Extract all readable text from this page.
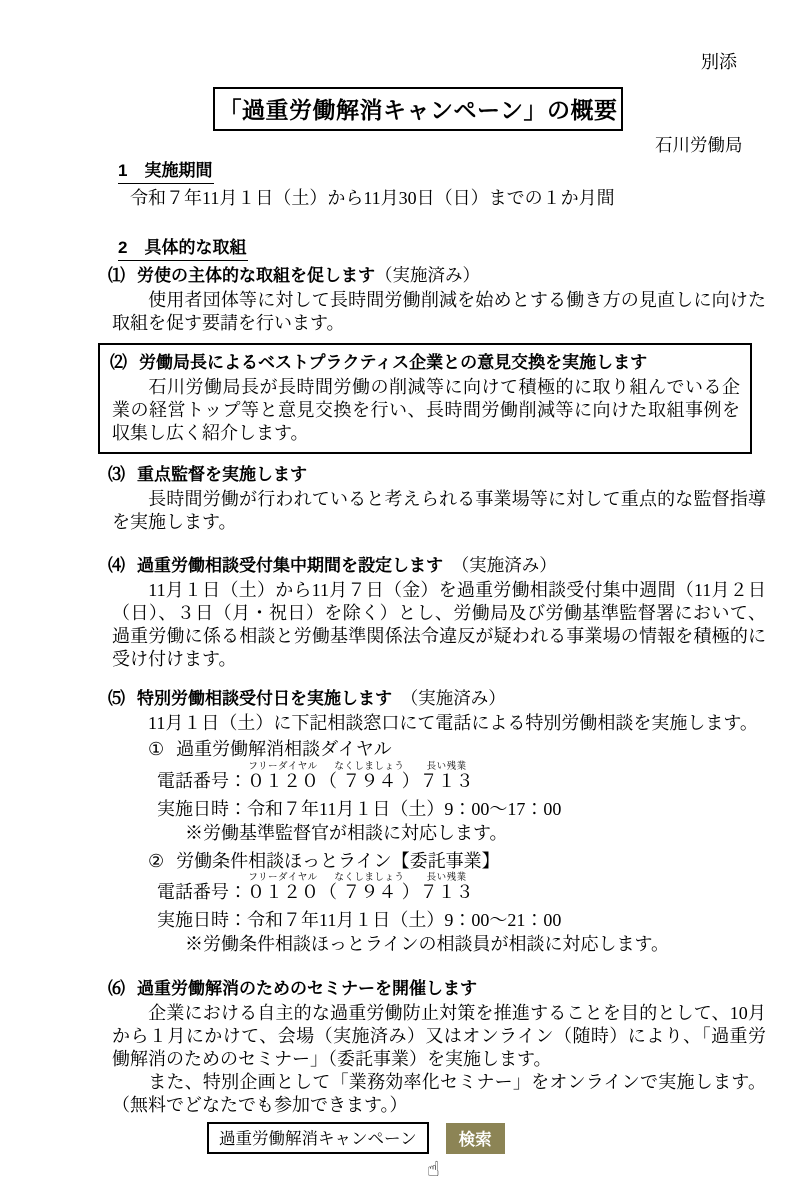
別添
「過重労働解消キャンペーン」の概要
石川労働局
1　実施期間

令和７年11月１日（土）から11月30日（日）までの１か月間

2　具体的な取組
⑴ 労使の主体的な取組を促します（実施済み）

　使用者団体等に対して長時間労働削減を始めとする働き方の見直しに向けた取組を促す要請を行います。

⑵ 労働局長によるベストプラクティス企業との意見交換を実施します

　石川労働局長が長時間労働の削減等に向けて積極的に取り組んでいる企業の経営トップ等と意見交換を行い、長時間労働削減等に向けた取組事例を収集し広く紹介します。

⑶ 重点監督を実施します

　長時間労働が行われていると考えられる事業場等に対して重点的な監督指導を実施します。

⑷ 過重労働相談受付集中期間を設定します　（実施済み）

　11月１日（土）から11月７日（金）を過重労働相談受付集中週間（11月２日（日）、３日（月・祝日）を除く）とし、労働局及び労働基準監督署において、過重労働に係る相談と労働基準関係法令違反が疑われる事業場の情報を積極的に受け付けます。

⑸ 特別労働相談受付日を実施します　（実施済み）

　11月１日（土）に下記相談窓口にて電話による特別労働相談を実施します。

① 過重労働解消相談ダイヤル
電話番号：０１２０フリーダイヤル（７９４なくしましょう）７１３長い残業
実施日時：令和７年11月１日（土）9：00～17：00
※労働基準監督官が相談に対応します。
② 労働条件相談ほっとライン【委託事業】
電話番号：０１２０フリーダイヤル（７９４なくしましょう）７１３長い残業
実施日時：令和７年11月１日（土）9：00～21：00
※労働条件相談ほっとラインの相談員が相談に対応します。
⑹ 過重労働解消のためのセミナーを開催します

　企業における自主的な過重労働防止対策を推進することを目的として、10月から１月にかけて、会場（実施済み）又はオンライン（随時）により、「過重労働解消のためのセミナー」（委託事業）を実施します。

　また、特別企画として「業務効率化セミナー」をオンラインで実施します。（無料でどなたでも参加できます。）

過重労働解消キャンペーン	検索
☝
